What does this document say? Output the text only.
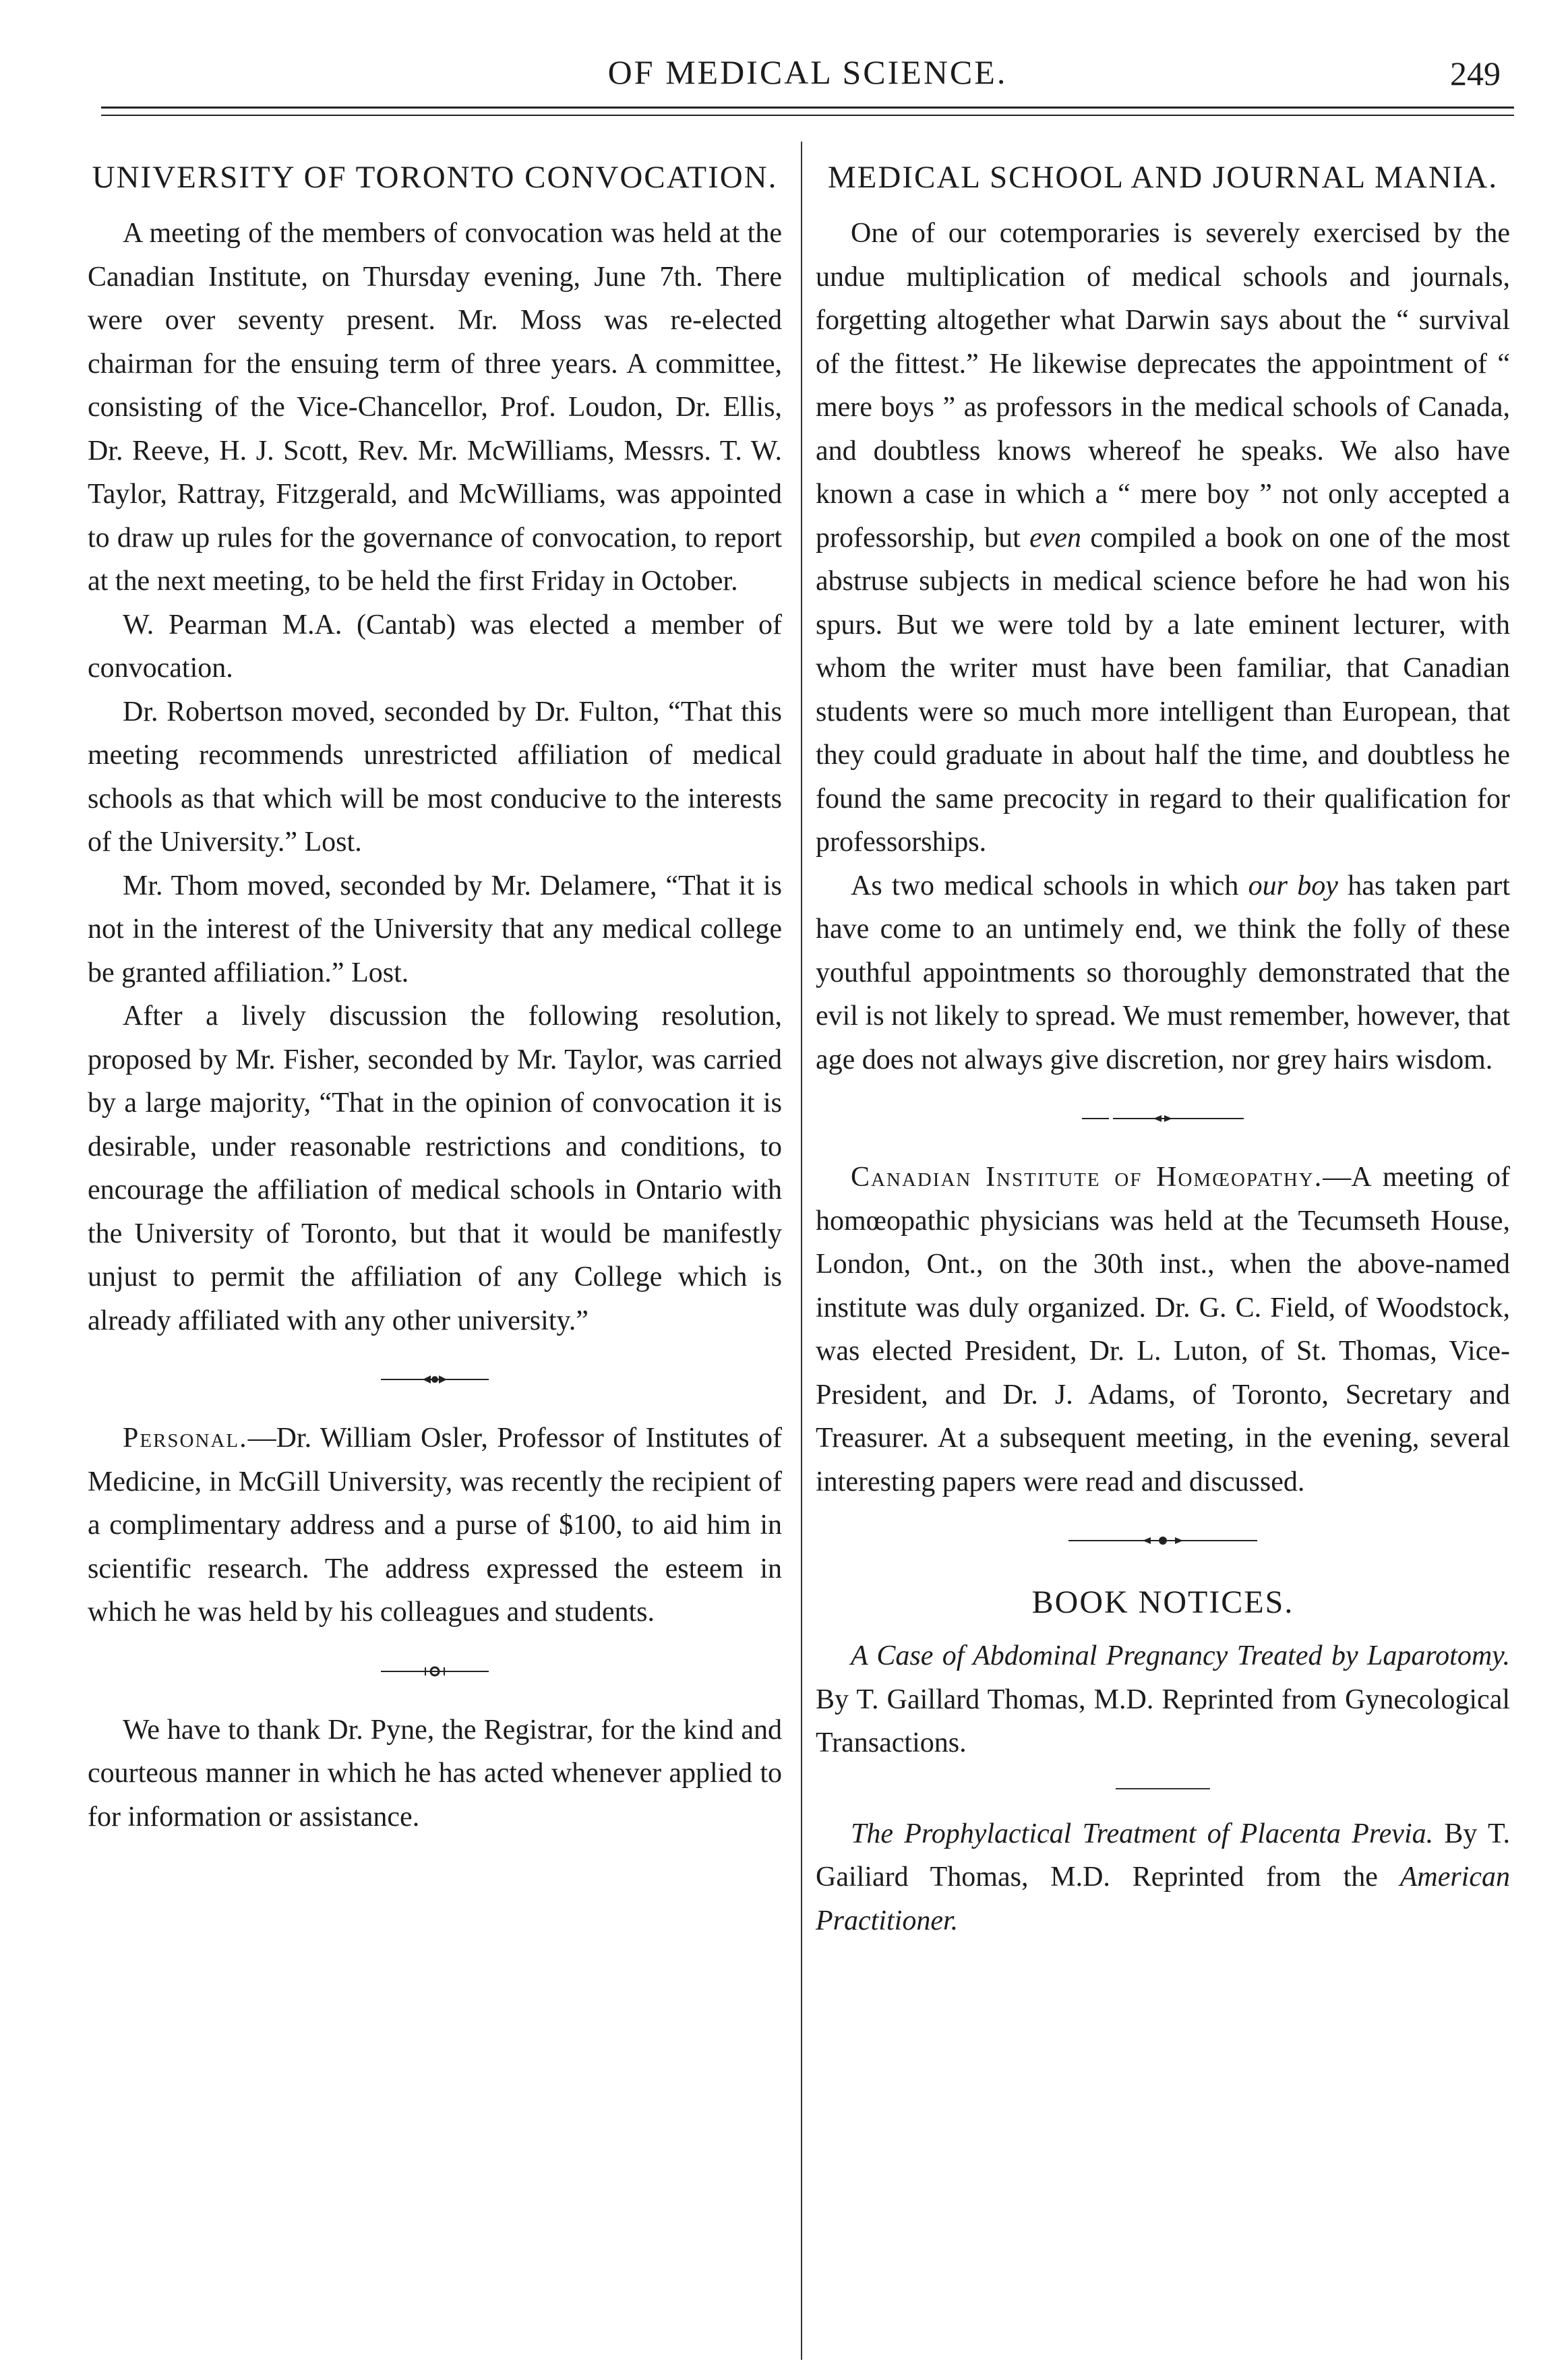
OF MEDICAL SCIENCE.	249
UNIVERSITY OF TORONTO CONVOCATION.

A meeting of the members of convocation was held at the Canadian Institute, on Thursday evening, June 7th. There were over seventy present. Mr. Moss was re-elected chairman for the ensuing term of three years. A committee, consisting of the Vice-Chancellor, Prof. Loudon, Dr. Ellis, Dr. Reeve, H. J. Scott, Rev. Mr. McWilliams, Messrs. T. W. Taylor, Rattray, Fitzgerald, and McWilliams, was appointed to draw up rules for the governance of convocation, to report at the next meeting, to be held the first Friday in October.

W. Pearman M.A. (Cantab) was elected a member of convocation.

Dr. Robertson moved, seconded by Dr. Fulton, “That this meeting recommends unrestricted affiliation of medical schools as that which will be most conducive to the interests of the University.” Lost.

Mr. Thom moved, seconded by Mr. Delamere, “That it is not in the interest of the University that any medical college be granted affiliation.” Lost.

After a lively discussion the following resolution, proposed by Mr. Fisher, seconded by Mr. Taylor, was carried by a large majority, “That in the opinion of convocation it is desirable, under reasonable restrictions and conditions, to encourage the affiliation of medical schools in Ontario with the University of Toronto, but that it would be manifestly unjust to permit the affiliation of any College which is already affiliated with any other university.”

Personal.—Dr. William Osler, Professor of Institutes of Medicine, in McGill University, was recently the recipient of a complimentary address and a purse of $100, to aid him in scientific research. The address expressed the esteem in which he was held by his colleagues and students.

We have to thank Dr. Pyne, the Registrar, for the kind and courteous manner in which he has acted whenever applied to for information or assistance.

MEDICAL SCHOOL AND JOURNAL MANIA.

One of our cotemporaries is severely exercised by the undue multiplication of medical schools and journals, forgetting altogether what Darwin says about the “ survival of the fittest.” He likewise deprecates the appointment of “ mere boys ” as professors in the medical schools of Canada, and doubtless knows whereof he speaks. We also have known a case in which a “ mere boy ” not only accepted a professorship, but even compiled a book on one of the most abstruse subjects in medical science before he had won his spurs. But we were told by a late eminent lecturer, with whom the writer must have been familiar, that Canadian students were so much more intelligent than European, that they could graduate in about half the time, and doubtless he found the same precocity in regard to their qualification for professorships.

As two medical schools in which our boy has taken part have come to an untimely end, we think the folly of these youthful appointments so thoroughly demonstrated that the evil is not likely to spread. We must remember, however, that age does not always give discretion, nor grey hairs wisdom.

Canadian Institute of Homœopathy.—A meeting of homœopathic physicians was held at the Tecumseth House, London, Ont., on the 30th inst., when the above-named institute was duly organized. Dr. G. C. Field, of Woodstock, was elected President, Dr. L. Luton, of St. Thomas, Vice-President, and Dr. J. Adams, of Toronto, Secretary and Treasurer. At a subsequent meeting, in the evening, several interesting papers were read and discussed.

BOOK NOTICES.

A Case of Abdominal Pregnancy Treated by Laparotomy. By T. Gaillard Thomas, M.D. Reprinted from Gynecological Transactions.

The Prophylactical Treatment of Placenta Previa. By T. Gailiard Thomas, M.D. Reprinted from the American Practitioner.
